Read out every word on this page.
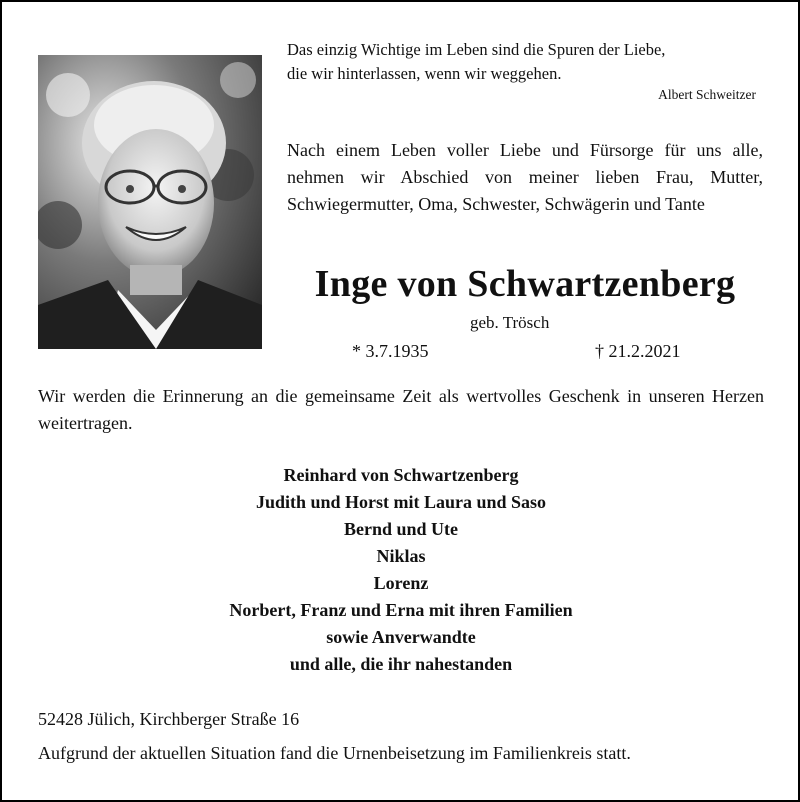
Das einzig Wichtige im Leben sind die Spuren der Liebe,
die wir hinterlassen, wenn wir weggehen.
Albert Schweitzer
Nach einem Leben voller Liebe und Fürsorge für uns alle, nehmen wir Abschied von meiner lieben Frau, Mutter, Schwiegermutter, Oma, Schwester, Schwägerin und Tante
Inge von Schwartzenberg
geb. Trösch
* 3.7.1935	† 21.2.2021
Wir werden die Erinnerung an die gemeinsame Zeit als wertvolles Geschenk in unseren Herzen weitertragen.
Reinhard von Schwartzenberg
Judith und Horst mit Laura und Saso
Bernd und Ute
Niklas
Lorenz
Norbert, Franz und Erna mit ihren Familien
sowie Anverwandte
und alle, die ihr nahestanden
52428 Jülich, Kirchberger Straße 16
Aufgrund der aktuellen Situation fand die Urnenbeisetzung im Familienkreis statt.
